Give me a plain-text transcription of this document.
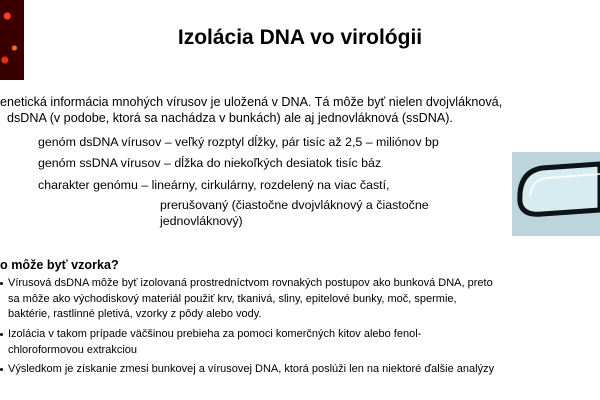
Izolácia DNA vo virológii
enetická informácia mnohých vírusov je uložená v DNA. Tá môže byť nielen dvojvláknová,
dsDNA (v podobe, ktorá sa nachádza v bunkách) ale aj jednovláknová (ssDNA).
genóm dsDNA vírusov – veľký rozptyl dĺžky, pár tisíc až 2,5 – miliónov bp
genóm ssDNA vírusov – dĺžka do niekoľkých desiatok tisíc báz
charakter genómu – lineárny, cirkulárny, rozdelený na viac častí,
prerušovaný (čiastočne dvojvláknový a čiastočne
jednovláknový)
o môže byť vzorka?
Vírusová dsDNA môže byť izolovaná prostredníctvom rovnakých postupov ako bunková DNA, preto
sa môže ako východiskový materiál použiť krv, tkanivá, sliny, epitelové bunky, moč, spermie,
baktérie, rastlinné pletivá, vzorky z pôdy alebo vody.
Izolácia v takom prípade väčšinou prebieha za pomoci komerčných kitov alebo fenol-
chloroformovou extrakciou
Výsledkom je získanie zmesi bunkovej a vírusovej DNA, ktorá poslúži len na niektoré ďalšie analýzy
